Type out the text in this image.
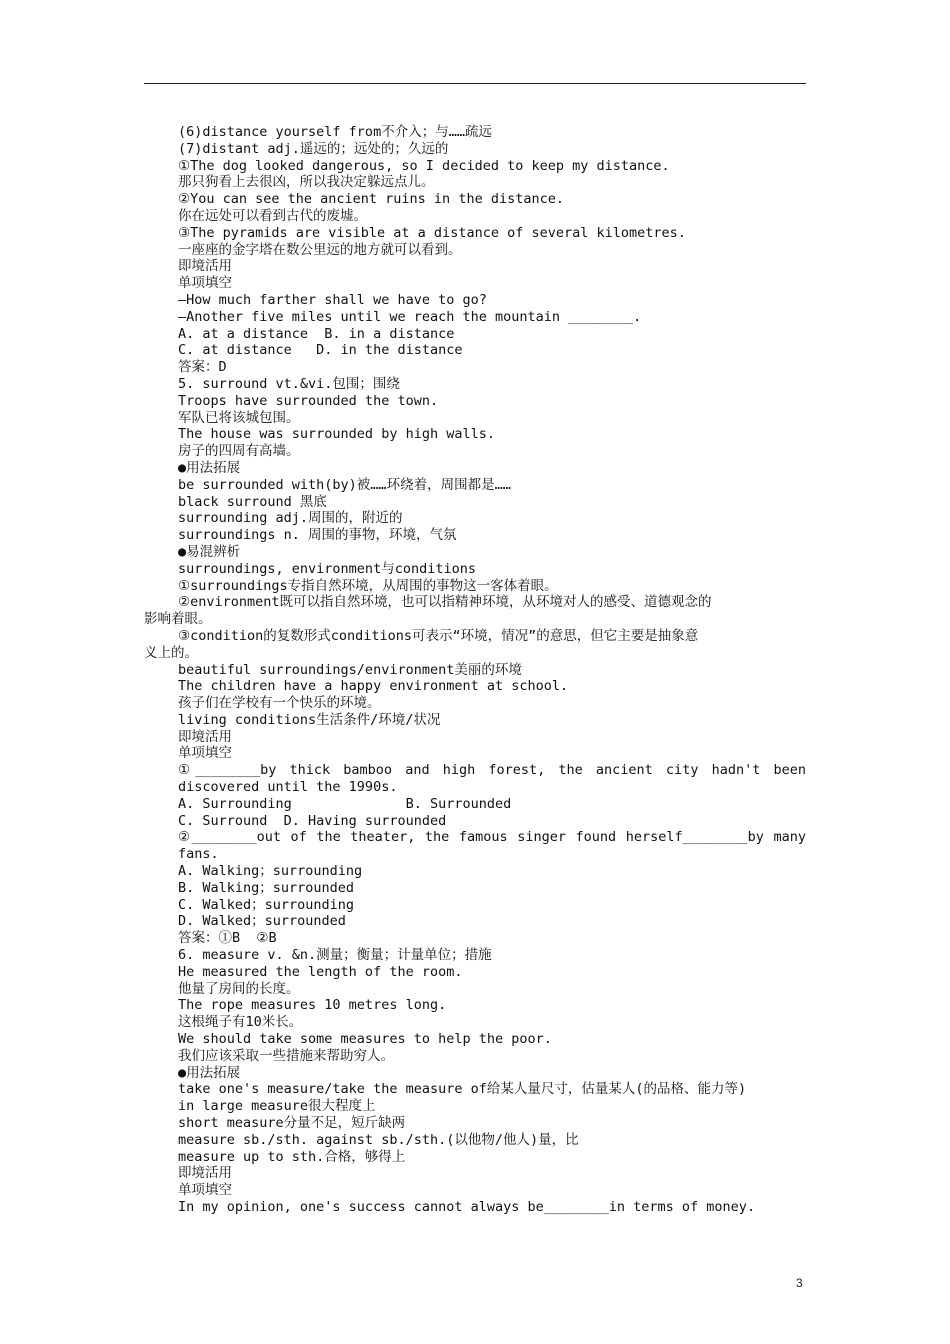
(6)distance yourself from不介入；与……疏远
(7)distant adj.遥远的；远处的；久远的
①The dog looked dangerous, so I decided to keep my distance.
那只狗看上去很凶，所以我决定躲远点儿。
②You can see the ancient ruins in the distance.
你在远处可以看到古代的废墟。
③The pyramids are visible at a distance of several kilometres.
一座座的金字塔在数公里远的地方就可以看到。
即境活用
单项填空
—How much farther shall we have to go?
—Another five miles until we reach the mountain ________.
A. at a distance  B. in a distance
C. at distance   D. in the distance
答案：D
5. surround vt.&vi.包围；围绕
Troops have surrounded the town.
军队已将该城包围。
The house was surrounded by high walls.
房子的四周有高墙。
●用法拓展
be surrounded with(by)被……环绕着，周围都是……
black surround 黑底
surrounding adj.周围的，附近的
surroundings n. 周围的事物，环境，气氛
●易混辨析
surroundings, environment与conditions
①surroundings专指自然环境，从周围的事物这一客体着眼。
②environment既可以指自然环境，也可以指精神环境，从环境对人的感受、道德观念的
影响着眼。
③condition的复数形式conditions可表示“环境，情况”的意思，但它主要是抽象意
义上的。
beautiful surroundings/environment美丽的环境
The children have a happy environment at school.
孩子们在学校有一个快乐的环境。
living conditions生活条件/环境/状况
即境活用
单项填空
①________by thick bamboo and high forest, the ancient city hadn't been discovered until the 1990s.
A. Surrounding              B. Surrounded
C. Surround  D. Having surrounded
②________out of the theater, the famous singer found herself________by many fans.
A. Walking；surrounding
B. Walking；surrounded
C. Walked；surrounding
D. Walked；surrounded
答案：①B  ②B
6. measure v. &n.测量；衡量；计量单位；措施
He measured the length of the room.
他量了房间的长度。
The rope measures 10 metres long.
这根绳子有10米长。
We should take some measures to help the poor.
我们应该采取一些措施来帮助穷人。
●用法拓展
take one's measure/take the measure of给某人量尺寸，估量某人(的品格、能力等)
in large measure很大程度上
short measure分量不足，短斤缺两
measure sb./sth. against sb./sth.(以他物/他人)量，比
measure up to sth.合格，够得上
即境活用
单项填空
In my opinion, one's success cannot always be________in terms of money.
3
